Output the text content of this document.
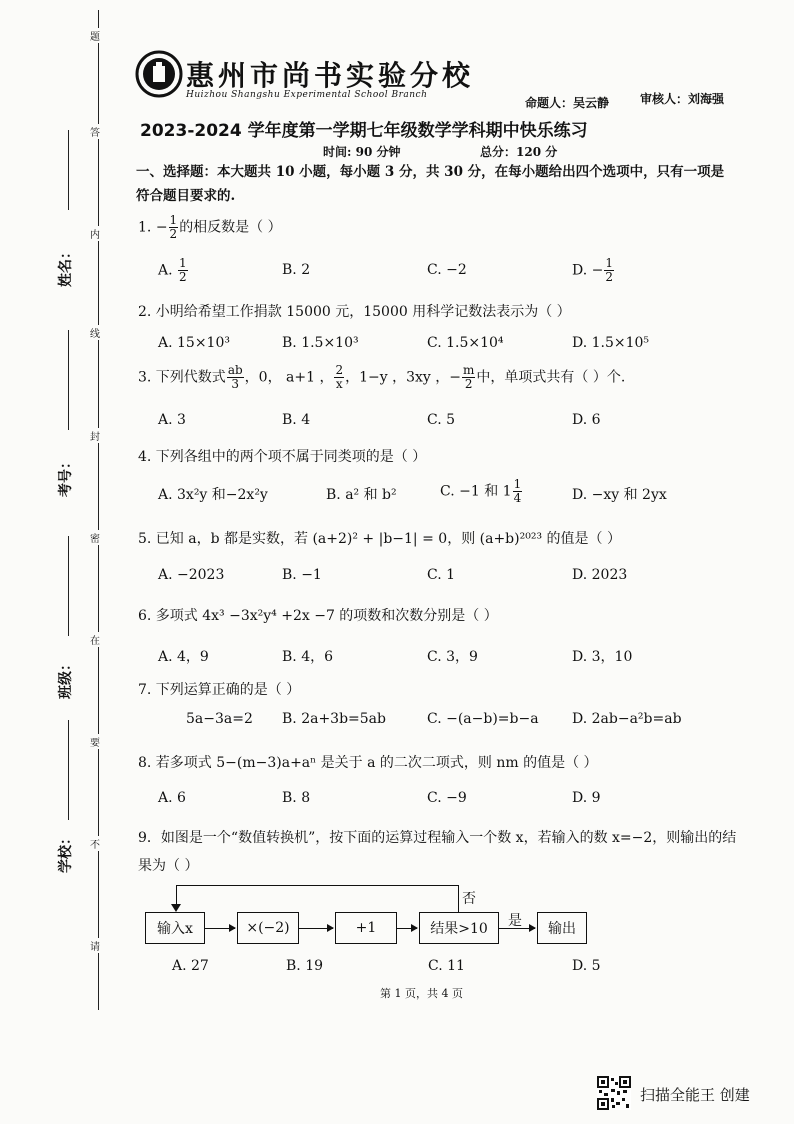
题
答
内
线
封
密
在
要
不
请
姓名：
考号：
班级：
学校：
惠州市尚书实验分校
Huizhou Shangshu Experimental School Branch
命题人：吴云静	审核人：刘海强
2023-2024 学年度第一学期七年级数学学科期中快乐练习
时间: 90 分钟	总分：120 分
一、选择题：本大题共 10 小题，每小题 3 分，共 30 分，在每小题给出四个选项中，只有一项是
符合题目要求的.
1. − $\frac{1}{2}$ 的相反数是（ ）
A. $\frac{1}{2}$	B. 2	C. −2	D. − $\frac{1}{2}$
2. 小明给希望工作捐款 15000 元，15000 用科学记数法表示为（ ）
A. 15×10³	B. 1.5×10³	C. 1.5×10⁴	D. 1.5×10⁵
3. 下列代数式 $\frac{ab}{3}$ ，0， a+1 ， $\frac{2}{x}$ ，1−y ，3xy ，− $\frac{m}{2}$ 中，单项式共有（ ）个.
A. 3	B. 4	C. 5	D. 6
4. 下列各组中的两个项不属于同类项的是（ ）
A. 3x²y 和−2x²y	B. a² 和 b²	C. −1 和 $1 \frac{1}{4}$	D. −xy 和 2yx
5. 已知 a，b 都是实数，若 (a+2)² + |b−1| = 0，则 (a+b)²⁰²³ 的值是（ ）
A. −2023	B. −1	C. 1	D. 2023
6. 多项式 4x³ −3x²y⁴ +2x −7 的项数和次数分别是（ ）
A. 4，9	B. 4，6	C. 3，9	D. 3，10
7. 下列运算正确的是（ ）
5a−3a=2 B. 2a+3b=5ab	C. −(a−b)=b−a D. 2ab−a²b=ab
8. 若多项式 5−(m−3)a+aⁿ 是关于 a 的二次二项式，则 nm 的值是（ ）
A. 6	B. 8	C. −9	D. 9
9．如图是一个“数值转换机”，按下面的运算过程输入一个数 x，若输入的数 x=−2，则输出的结
果为（ ）
否
输入x	×(−2)	+1	结果>10	是	输出
A. 27	B. 19	C. 11	D. 5
第 1 页，共 4 页
扫描全能王 创建
